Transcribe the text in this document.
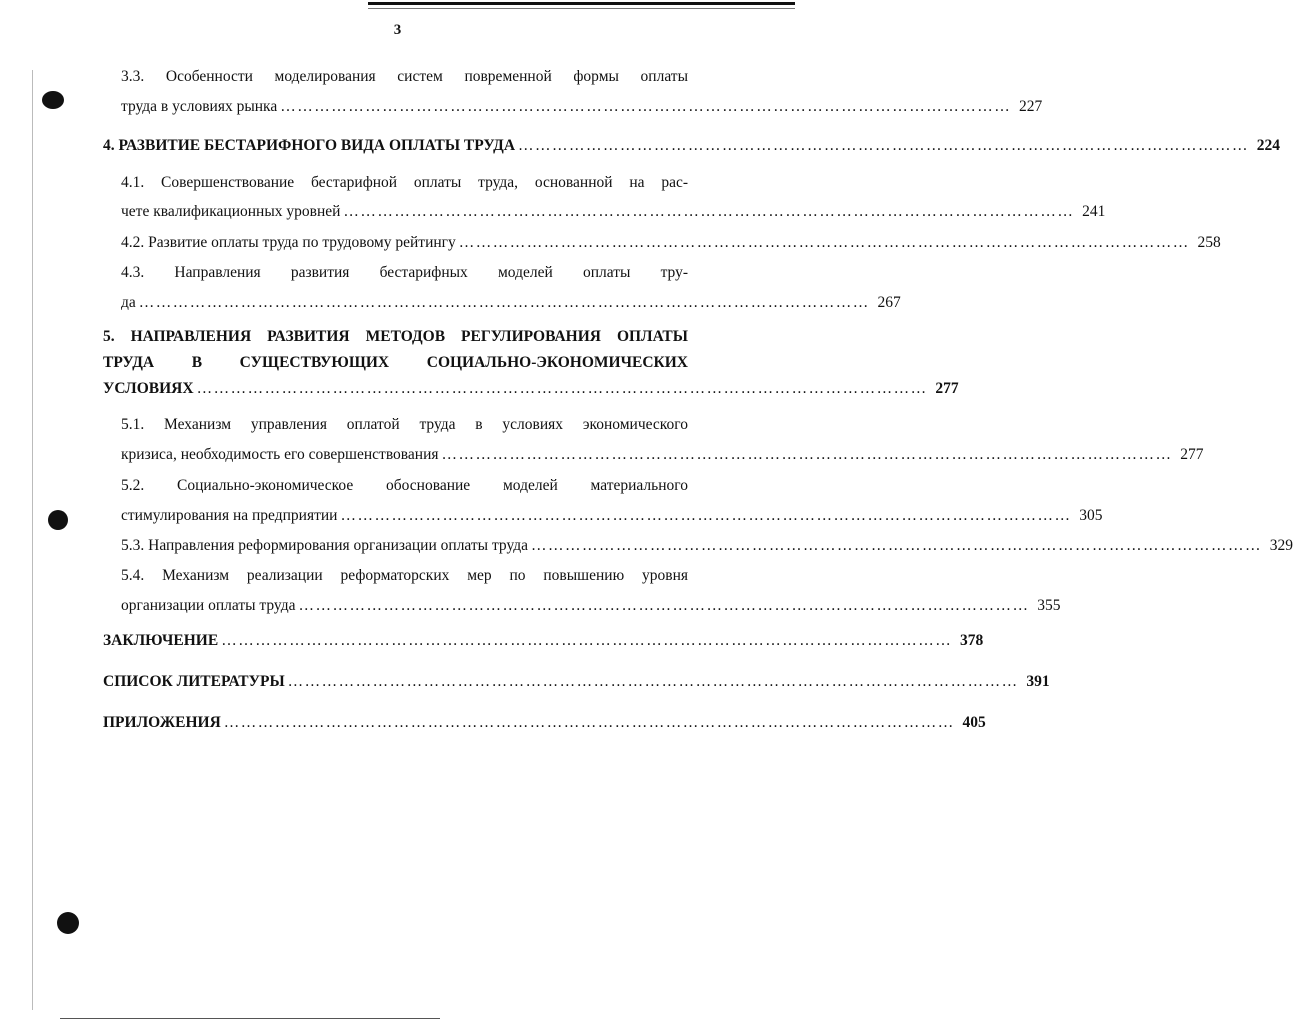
3
3.3. Особенности моделирования систем повременной формы оплаты
труда в условиях рынка ………………………………………………………………………………………………………………… 227
4. РАЗВИТИЕ БЕСТАРИФНОГО ВИДА ОПЛАТЫ ТРУДА ………………………………………………………………………………………………………………… 224
4.1. Совершенствование бестарифной оплаты труда, основанной на рас-
чете квалификационных уровней ………………………………………………………………………………………………………………… 241
4.2. Развитие оплаты труда по трудовому рейтингу ………………………………………………………………………………………………………………… 258
4.3. Направления развития бестарифных моделей оплаты тру-
да ………………………………………………………………………………………………………………… 267
5. НАПРАВЛЕНИЯ РАЗВИТИЯ МЕТОДОВ РЕГУЛИРОВАНИЯ ОПЛАТЫ
ТРУДА В СУЩЕСТВУЮЩИХ СОЦИАЛЬНО-ЭКОНОМИЧЕСКИХ
УСЛОВИЯХ ………………………………………………………………………………………………………………… 277
5.1. Механизм управления оплатой труда в условиях экономического
кризиса, необходимость его совершенствования ………………………………………………………………………………………………………………… 277
5.2. Социально-экономическое обоснование моделей материального
стимулирования на предприятии ………………………………………………………………………………………………………………… 305
5.3. Направления реформирования организации оплаты труда ………………………………………………………………………………………………………………… 329
5.4. Механизм реализации реформаторских мер по повышению уровня
организации оплаты труда ………………………………………………………………………………………………………………… 355
ЗАКЛЮЧЕНИЕ ………………………………………………………………………………………………………………… 378
СПИСОК ЛИТЕРАТУРЫ ………………………………………………………………………………………………………………… 391
ПРИЛОЖЕНИЯ ………………………………………………………………………………………………………………… 405
